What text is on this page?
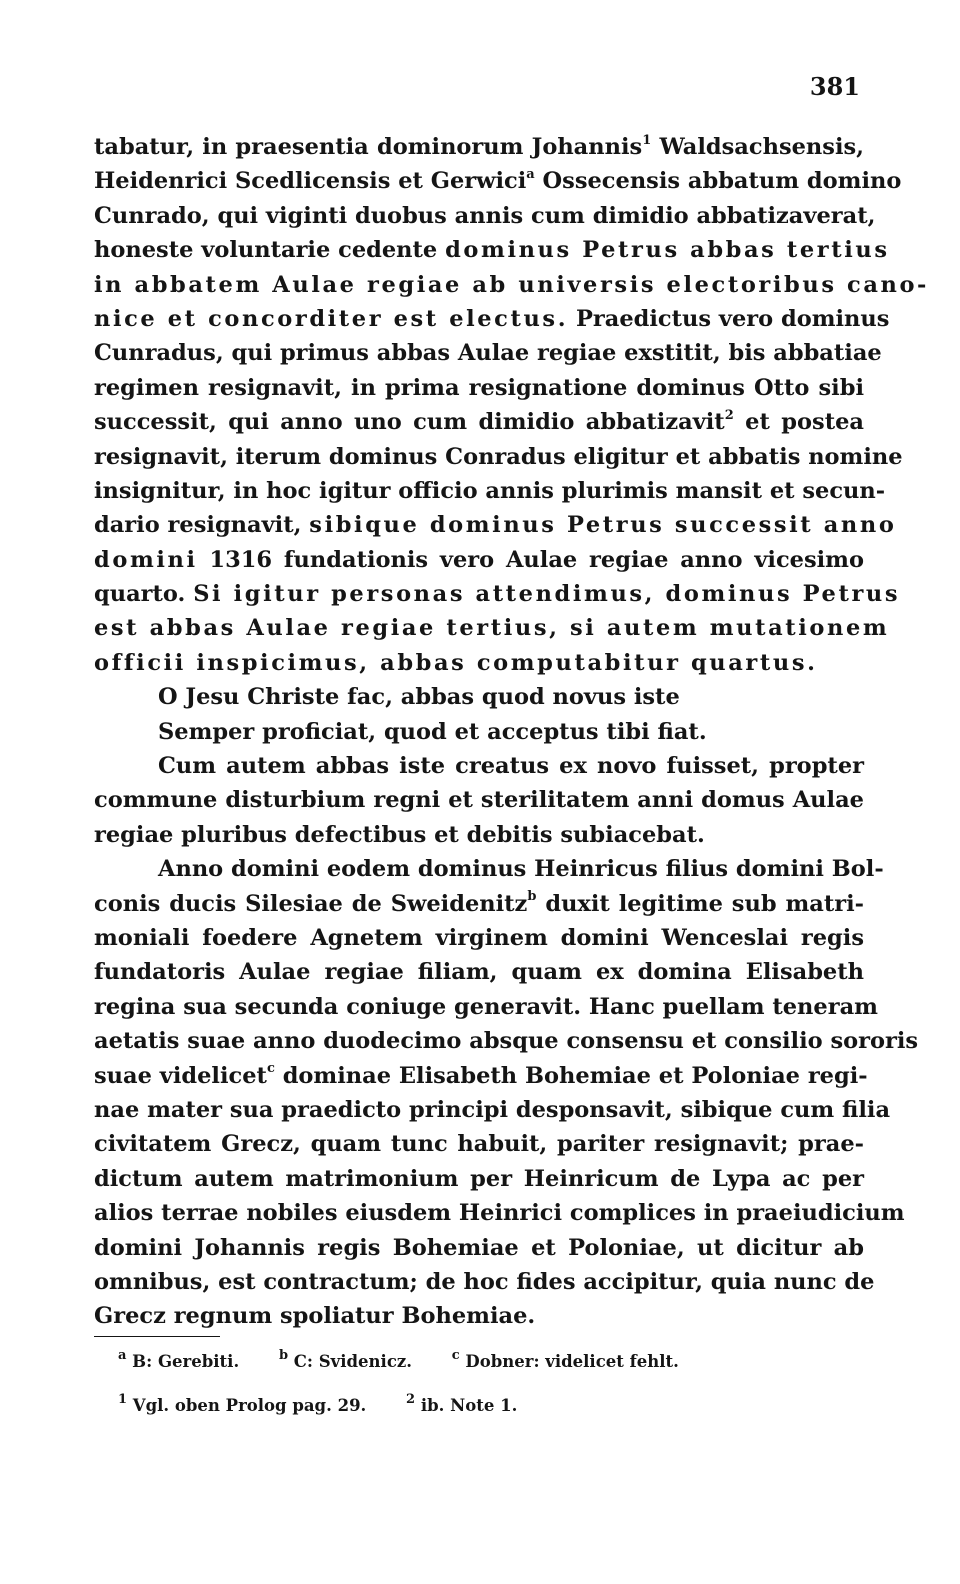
381
tabatur, in praesentia dominorum Johannis$^1$ Waldsachsensis,
Heidenrici Scedlicensis et Gerwici$^a$ Ossecensis abbatum domino
Cunrado, qui viginti duobus annis cum dimidio abbatizaverat,
honeste voluntarie cedente dominus Petrus abbas tertius
in abbatem Aulae regiae ab universis electoribus cano-
nice et concorditer est electus. Praedictus vero dominus
Cunradus, qui primus abbas Aulae regiae exstitit, bis abbatiae
regimen resignavit, in prima resignatione dominus Otto sibi
successit, qui anno uno cum dimidio abbatizavit$^2$ et postea
resignavit, iterum dominus Conradus eligitur et abbatis nomine
insignitur, in hoc igitur officio annis plurimis mansit et secun-
dario resignavit, sibique dominus Petrus successit anno
domini 1316 fundationis vero Aulae regiae anno vicesimo
quarto. Si igitur personas attendimus, dominus Petrus
est abbas Aulae regiae tertius, si autem mutationem
officii inspicimus, abbas computabitur quartus.
O Jesu Christe fac, abbas quod novus iste
Semper proficiat, quod et acceptus tibi fiat.
Cum autem abbas iste creatus ex novo fuisset, propter
commune disturbium regni et sterilitatem anni domus Aulae
regiae pluribus defectibus et debitis subiacebat.
Anno domini eodem dominus Heinricus filius domini Bol-
conis ducis Silesiae de Sweidenitz$^b$ duxit legitime sub matri-
moniali foedere Agnetem virginem domini Wenceslai regis
fundatoris Aulae regiae filiam, quam ex domina Elisabeth
regina sua secunda coniuge generavit. Hanc puellam teneram
aetatis suae anno duodecimo absque consensu et consilio sororis
suae videlicet$^c$ dominae Elisabeth Bohemiae et Poloniae regi-
nae mater sua praedicto principi desponsavit, sibique cum filia
civitatem Grecz, quam tunc habuit, pariter resignavit; prae-
dictum autem matrimonium per Heinricum de Lypa ac per
alios terrae nobiles eiusdem Heinrici complices in praeiudicium
domini Johannis regis Bohemiae et Poloniae, ut dicitur ab
omnibus, est contractum; de hoc fides accipitur, quia nunc de
Grecz regnum spoliatur Bohemiae.
$^a$ B: Gerebiti.	$^b$ C: Svidenicz.	$^c$ Dobner: videlicet fehlt.
$^1$ Vgl. oben Prolog pag. 29.	$^2$ ib. Note 1.
